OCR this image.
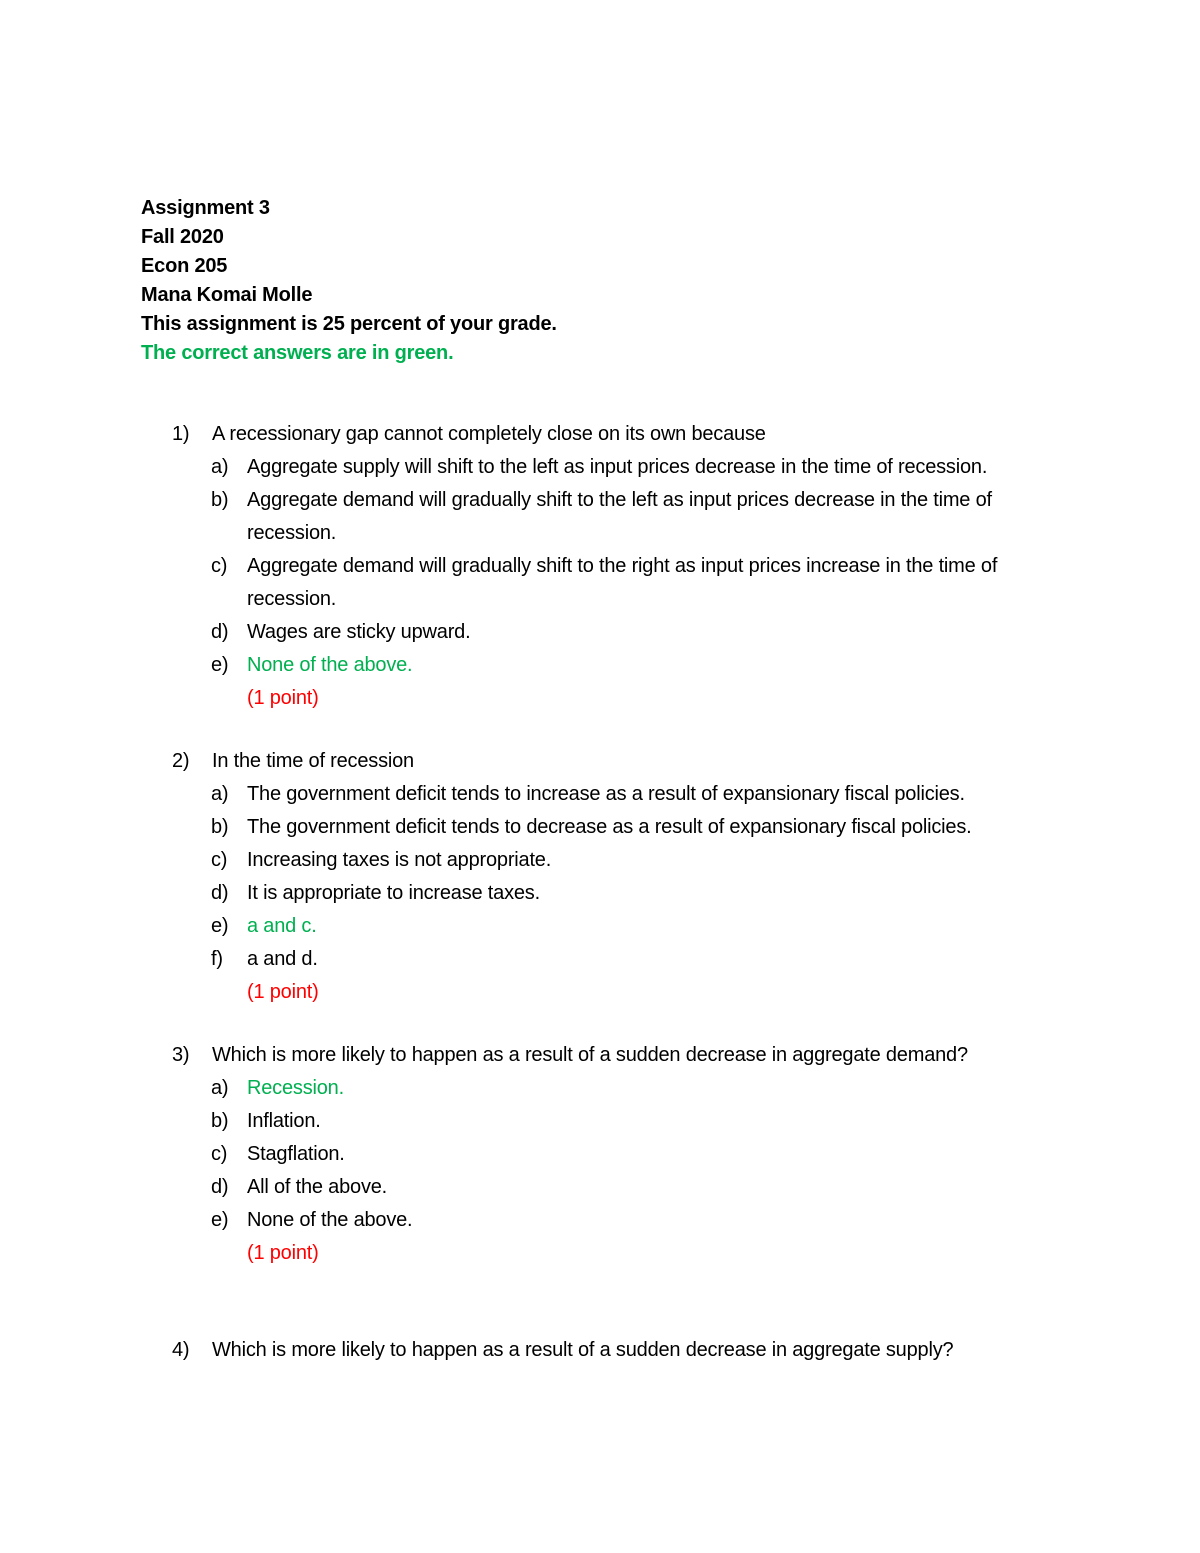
Assignment 3
Fall 2020
Econ 205
Mana Komai Molle
This assignment is 25 percent of your grade.
The correct answers are in green.
1) A recessionary gap cannot completely close on its own because
a) Aggregate supply will shift to the left as input prices decrease in the time of recession.
b) Aggregate demand will gradually shift to the left as input prices decrease in the time of recession.
c) Aggregate demand will gradually shift to the right as input prices increase in the time of recession.
d) Wages are sticky upward.
e) None of the above.
(1 point)
2) In the time of recession
a) The government deficit tends to increase as a result of expansionary fiscal policies.
b) The government deficit tends to decrease as a result of expansionary fiscal policies.
c) Increasing taxes is not appropriate.
d) It is appropriate to increase taxes.
e) a and c.
f)	a and d.
(1 point)
3) Which is more likely to happen as a result of a sudden decrease in aggregate demand?
a) Recession.
b) Inflation.
c) Stagflation.
d) All of the above.
e) None of the above.
(1 point)
4) Which is more likely to happen as a result of a sudden decrease in aggregate supply?
